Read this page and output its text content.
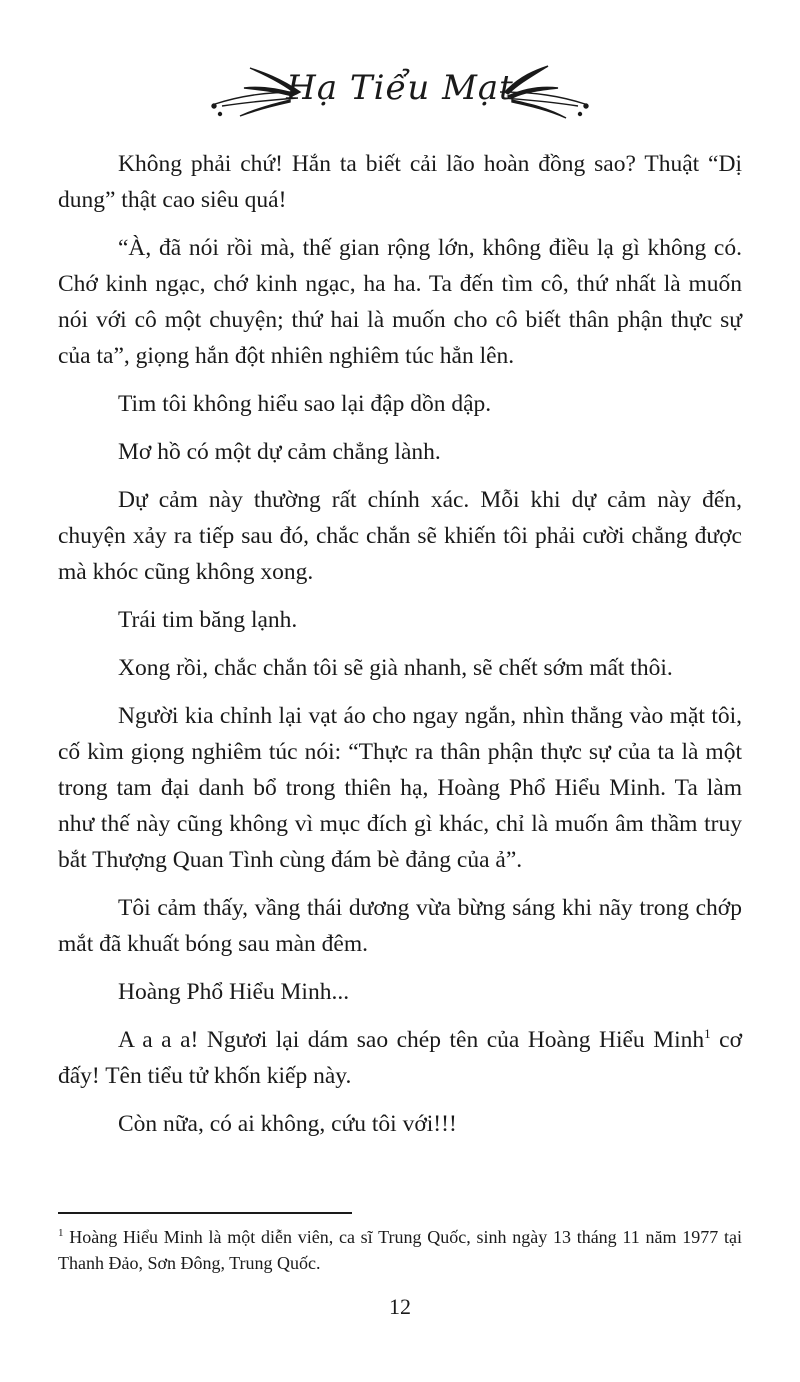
Hạ Tiểu Mạt

Không phải chứ! Hắn ta biết cải lão hoàn đồng sao? Thuật “Dị dung” thật cao siêu quá!

“À, đã nói rồi mà, thế gian rộng lớn, không điều lạ gì không có. Chớ kinh ngạc, chớ kinh ngạc, ha ha. Ta đến tìm cô, thứ nhất là muốn nói với cô một chuyện; thứ hai là muốn cho cô biết thân phận thực sự của ta”, giọng hắn đột nhiên nghiêm túc hẳn lên.

Tim tôi không hiểu sao lại đập dồn dập.

Mơ hồ có một dự cảm chẳng lành.

Dự cảm này thường rất chính xác. Mỗi khi dự cảm này đến, chuyện xảy ra tiếp sau đó, chắc chắn sẽ khiến tôi phải cười chẳng được mà khóc cũng không xong.

Trái tim băng lạnh.

Xong rồi, chắc chắn tôi sẽ già nhanh, sẽ chết sớm mất thôi.

Người kia chỉnh lại vạt áo cho ngay ngắn, nhìn thẳng vào mặt tôi, cố kìm giọng nghiêm túc nói: “Thực ra thân phận thực sự của ta là một trong tam đại danh bổ trong thiên hạ, Hoàng Phổ Hiểu Minh. Ta làm như thế này cũng không vì mục đích gì khác, chỉ là muốn âm thầm truy bắt Thượng Quan Tình cùng đám bè đảng của ả”.

Tôi cảm thấy, vầng thái dương vừa bừng sáng khi nãy trong chớp mắt đã khuất bóng sau màn đêm.

Hoàng Phổ Hiểu Minh...

A a a a! Ngươi lại dám sao chép tên của Hoàng Hiểu Minh$^1$ cơ đấy! Tên tiểu tử khốn kiếp này.

Còn nữa, có ai không, cứu tôi với!!!

$^1$ Hoàng Hiểu Minh là một diễn viên, ca sĩ Trung Quốc, sinh ngày 13 tháng 11 năm 1977 tại Thanh Đảo, Sơn Đông, Trung Quốc.
12
